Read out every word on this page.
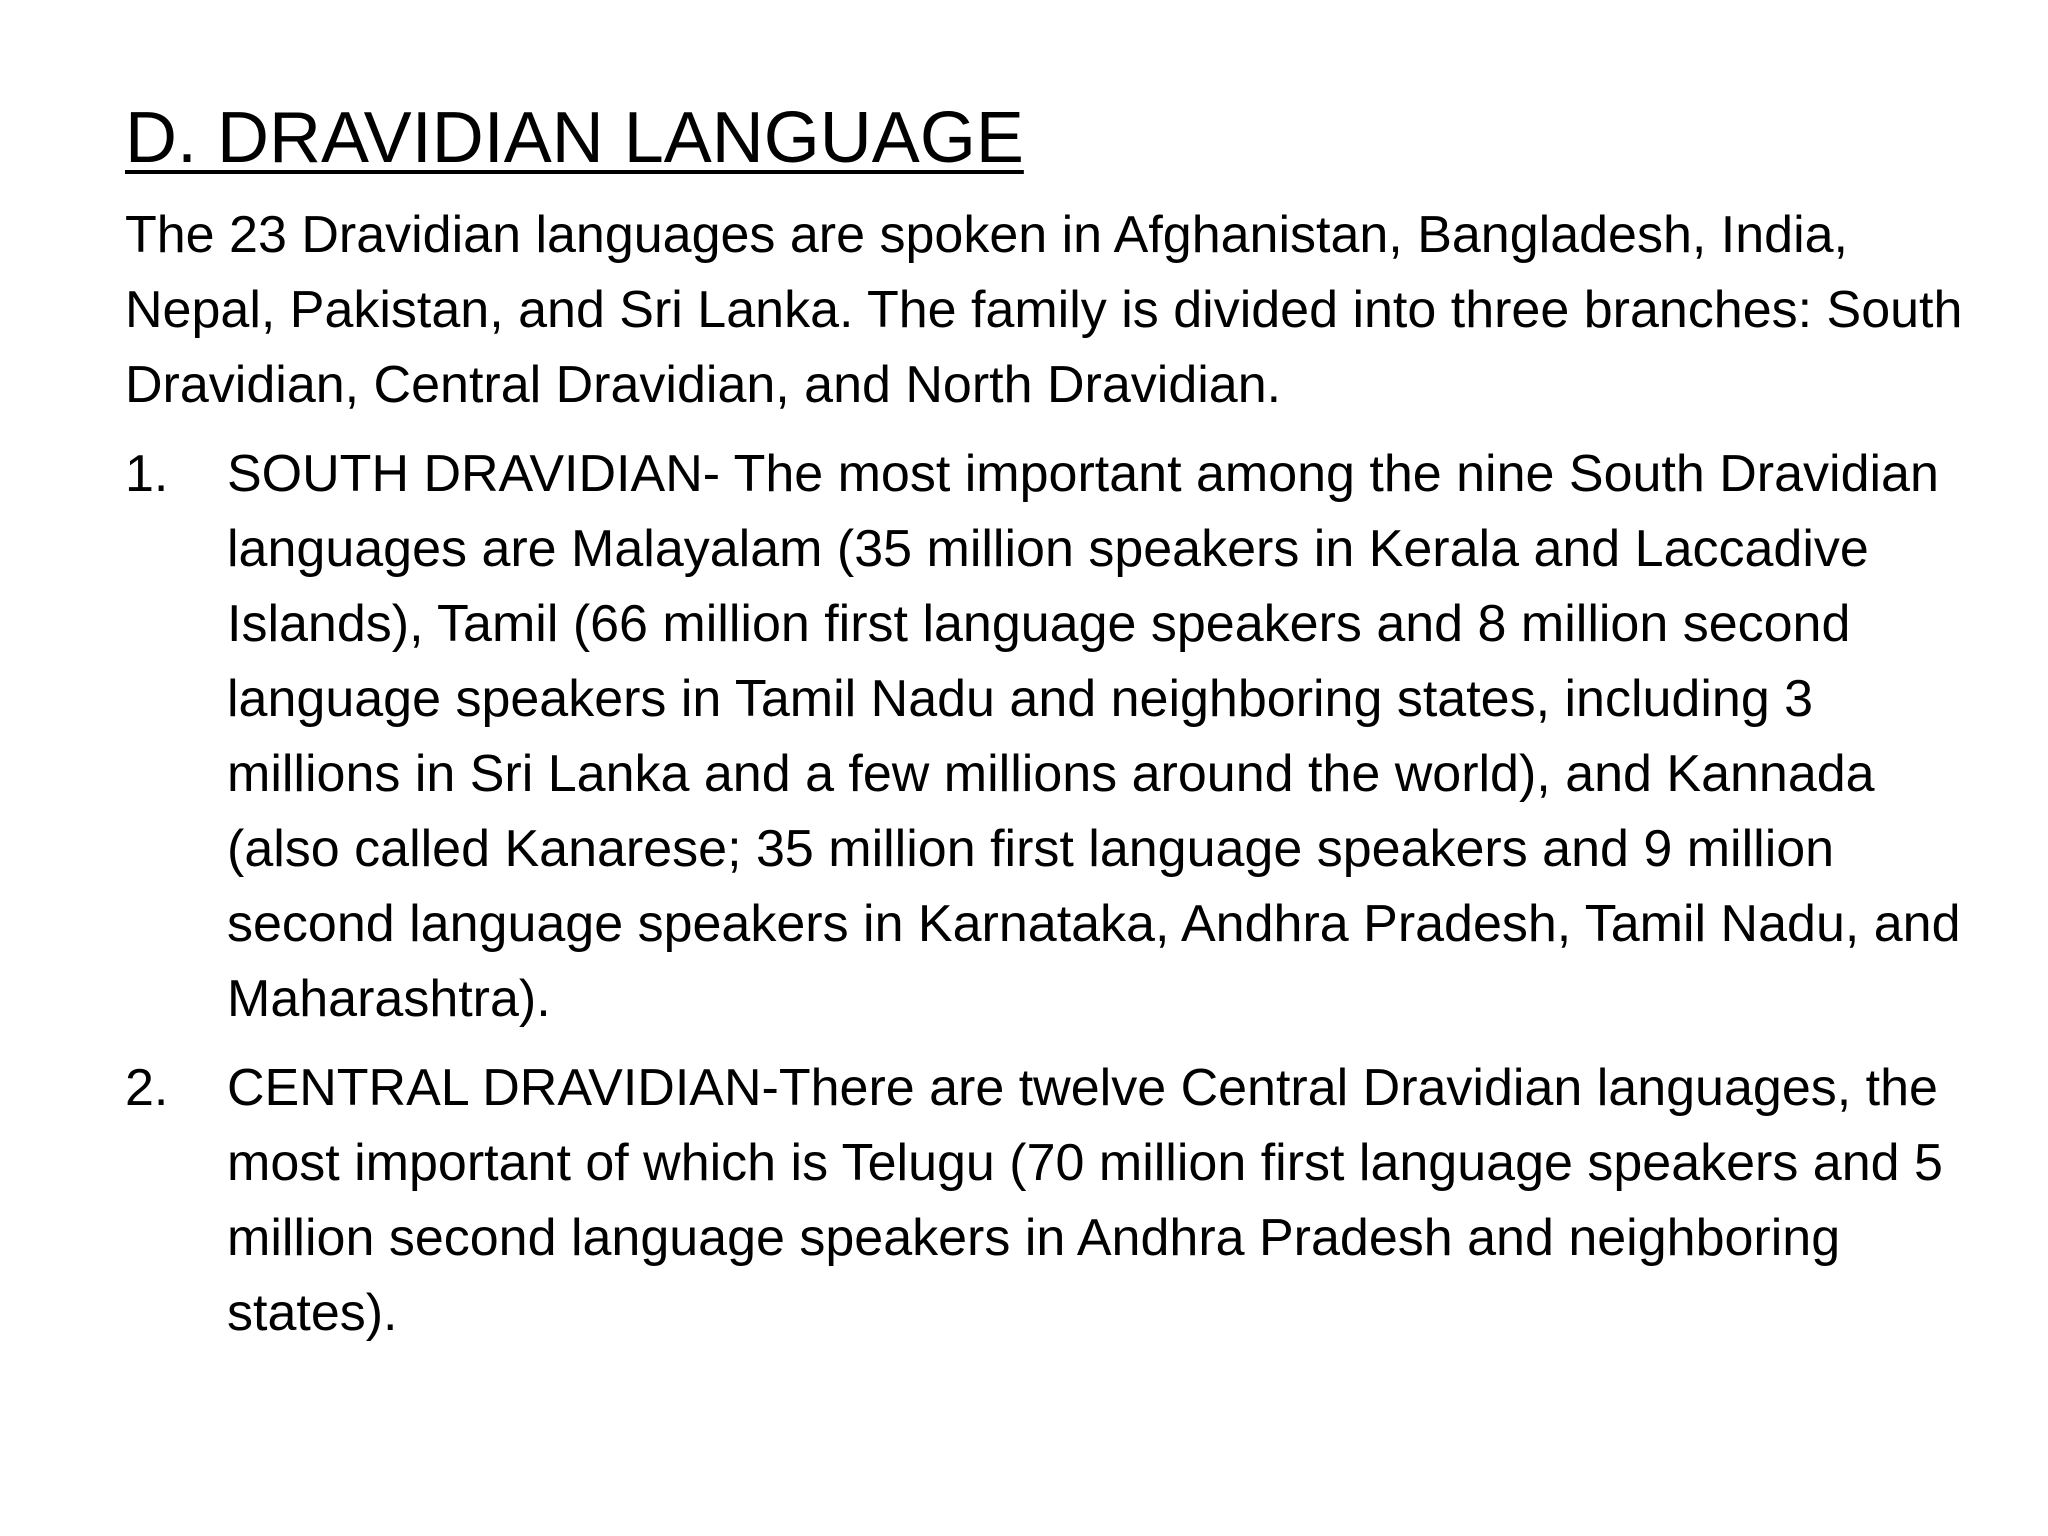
D. DRAVIDIAN LANGUAGE

The 23 Dravidian languages are spoken in Afghanistan, Bangladesh, India, Nepal, Pakistan, and Sri Lanka. The family is divided into three branches: South Dravidian, Central Dravidian, and North Dravidian.

1. SOUTH DRAVIDIAN- The most important among the nine South Dravidian languages are Malayalam (35 million speakers in Kerala and Laccadive Islands), Tamil (66 million first language speakers and 8 million second language speakers in Tamil Nadu and neighboring states, including 3 millions in Sri Lanka and a few millions around the world), and Kannada (also called Kanarese; 35 million first language speakers and 9 million second language speakers in Karnataka, Andhra Pradesh, Tamil Nadu, and Maharashtra).
2. CENTRAL DRAVIDIAN-There are twelve Central Dravidian languages, the most important of which is Telugu (70 million first language speakers and 5 million second language speakers in Andhra Pradesh and neighboring states).
